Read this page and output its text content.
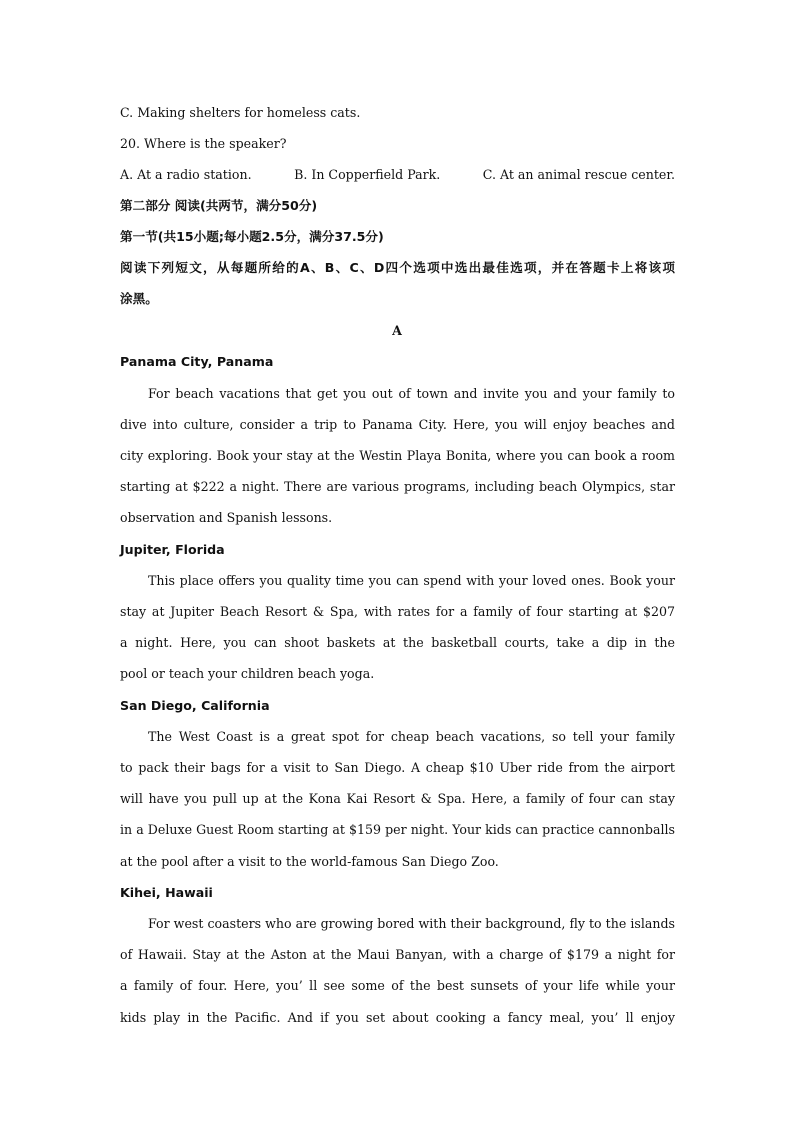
C. Making shelters for homeless cats.
20. Where is the speaker?
A. At a radio station.	B. In Copperfield Park.	C. At an animal rescue center.
第二部分 阅读(共两节，满分50分)
第一节(共15小题;每小题2.5分，满分37.5分)
阅读下列短文，从每题所给的A、B、C、D四个选项中选出最佳选项，并在答题卡上将该项
涂黑。
A
Panama City, Panama
For beach vacations that get you out of town and invite you and your family to
dive into culture, consider a trip to Panama City. Here, you will enjoy beaches and
city exploring. Book your stay at the Westin Playa Bonita, where you can book a room
starting at $222 a night. There are various programs, including beach Olympics, star
observation and Spanish lessons.
Jupiter, Florida
This place offers you quality time you can spend with your loved ones. Book your
stay at Jupiter Beach Resort & Spa, with rates for a family of four starting at $207
a night. Here, you can shoot baskets at the basketball courts, take a dip in the
pool or teach your children beach yoga.
San Diego, California
The West Coast is a great spot for cheap beach vacations, so tell your family
to pack their bags for a visit to San Diego. A cheap $10 Uber ride from the airport
will have you pull up at the Kona Kai Resort & Spa. Here, a family of four can stay
in a Deluxe Guest Room starting at $159 per night. Your kids can practice cannonballs
at the pool after a visit to the world-famous San Diego Zoo.
Kihei, Hawaii
For west coasters who are growing bored with their background, fly to the islands
of Hawaii. Stay at the Aston at the Maui Banyan, with a charge of $179 a night for
a family of four. Here, you’ ll see some of the best sunsets of your life while your
kids play in the Pacific. And if you set about cooking a fancy meal, you’ ll enjoy
